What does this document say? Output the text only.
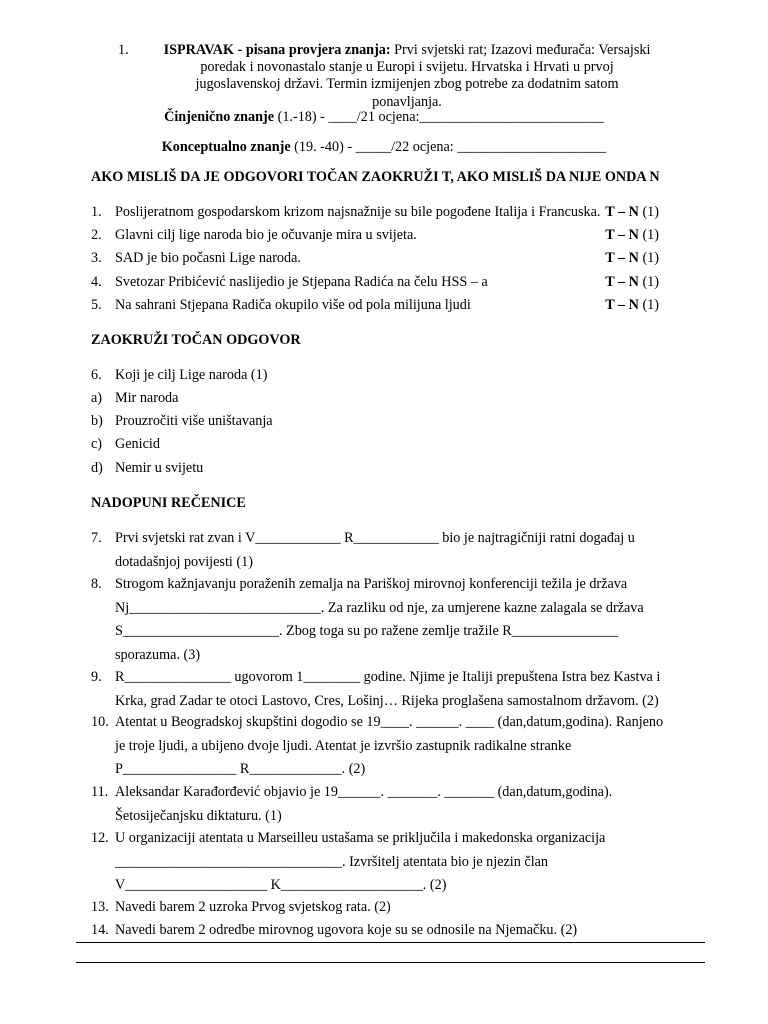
1.	ISPRAVAK - pisana provjera znanja: Prvi svjetski rat; Izazovi međurača: Versajski
poredak i novonastalo stanje u Europi i svijetu. Hrvatska i Hrvati u prvoj
jugoslavenskoj državi. Termin izmijenjen zbog potrebe za dodatnim satom
ponavljanja.
Činjenično znanje (1.-18) - ____/21 ocjena:__________________________
Konceptualno znanje (19. -40) - _____/22 ocjena: _____________________
AKO MISLIŠ DA JE ODGOVORI TOČAN ZAOKRUŽI T, AKO MISLIŠ DA NIJE ONDA N
1. Poslijeratnom gospodarskom krizom najsnažnije su bile pogođene Italija i Francuska. T – N (1)
2. Glavni cilj lige naroda bio je očuvanje mira u svijeta.	T – N (1)
3. SAD je bio počasni Lige naroda.	T – N (1)
4. Svetozar Pribićević naslijedio je Stjepana Radića na čelu HSS – a	T – N (1)
5. Na sahrani Stjepana Radiča okupilo više od pola milijuna ljudi	T – N (1)
ZAOKRUŽI TOČAN ODGOVOR
6. Koji je cilj Lige naroda (1)
a) Mir naroda
b) Prouzročiti više uništavanja
c) Genicid
d) Nemir u svijetu
NADOPUNI REČENICE
7. Prvi svjetski rat zvan i V____________ R____________ bio je najtragičniji ratni događaj u
dotadašnjoj povijesti (1)
8. Strogom kažnjavanju poraženih zemalja na Pariškoj mirovnoj konferenciji težila je država
Nj___________________________. Za razliku od nje, za umjerene kazne zalagala se država
S______________________. Zbog toga su po ražene zemlje tražile R_______________
sporazuma. (3)
9. R_______________ ugovorom 1________ godine. Njime je Italiji prepuštena Istra bez Kastva i
Krka, grad Zadar te otoci Lastovo, Cres, Lošinj… Rijeka proglašena samostalnom državom. (2)
10. Atentat u Beogradskoj skupštini dogodio se 19____. ______. ____ (dan,datum,godina). Ranjeno
je troje ljudi, a ubijeno dvoje ljudi. Atentat je izvršio zastupnik radikalne stranke
P________________ R_____________. (2)
11. Aleksandar Karađorđević objavio je 19______. _______. _______ (dan,datum,godina).
Šetosiječanjsku diktaturu. (1)
12. U organizaciji atentata u Marseilleu ustašama se priključila i makedonska organizacija
________________________________. Izvršitelj atentata bio je njezin član
V____________________ K____________________. (2)
13. Navedi barem 2 uzroka Prvog svjetskog rata. (2)
14. Navedi barem 2 odredbe mirovnog ugovora koje su se odnosile na Njemačku. (2)
